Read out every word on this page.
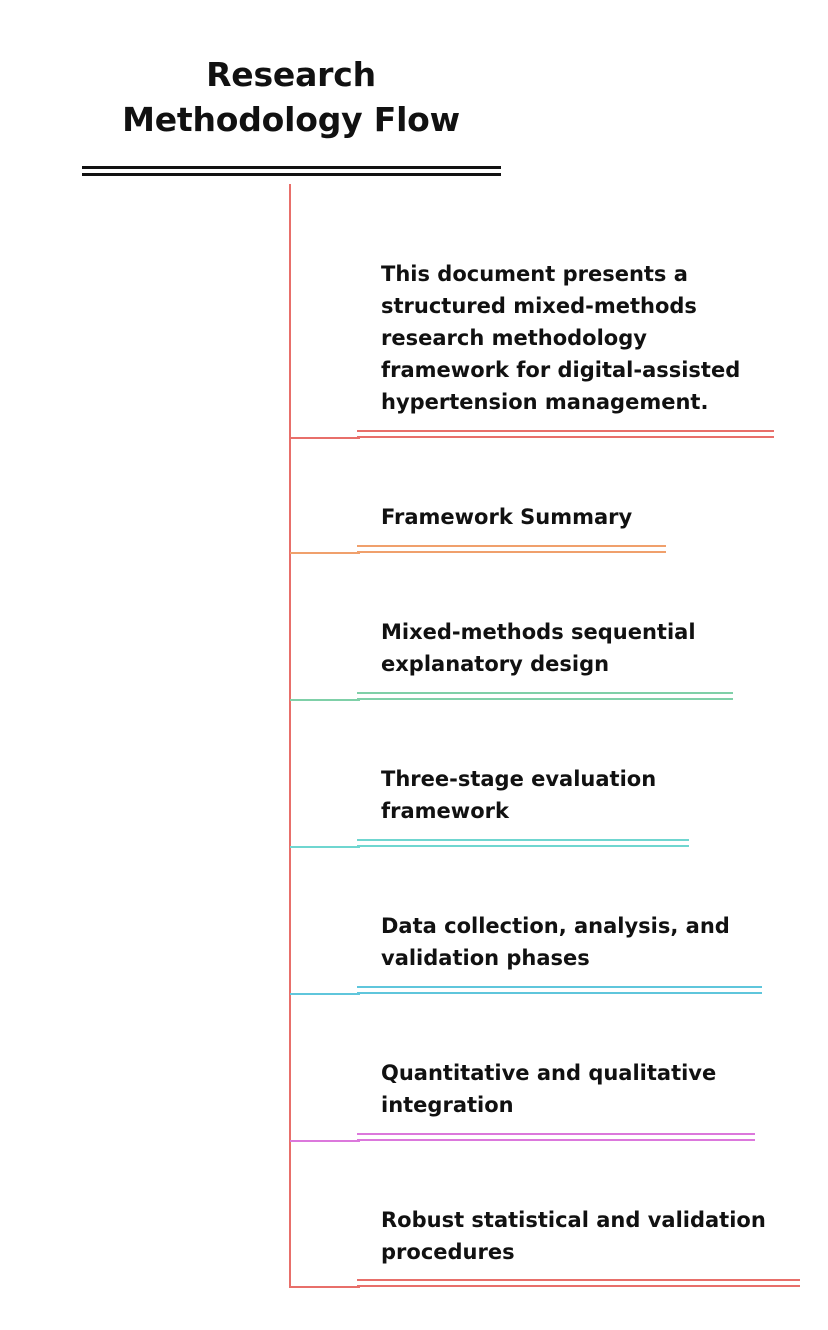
Research
Methodology Flow
This document presents a structured mixed-methods research methodology framework for digital-assisted hypertension management.
Framework Summary
Mixed-methods sequential explanatory design
Three-stage evaluation framework
Data collection, analysis, and validation phases
Quantitative and qualitative integration
Robust statistical and validation procedures
